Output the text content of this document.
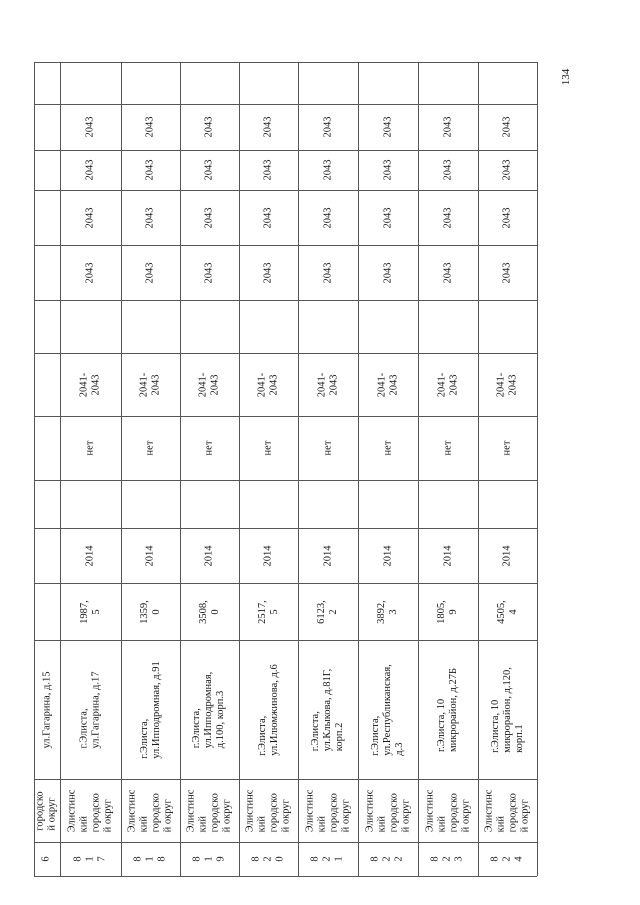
134
6
городско
й округ
ул.Гагарина, д.15
8
1
7
Элистинс
кий
городско
й округ
г.Элиста,
ул.Гагарина, д.17
1987,
5
2014
нет
2041-
2043
2043
2043
2043
2043
8
1
8
Элистинс
кий
городско
й округ
г.Элиста,
ул.Ипподромная, д.91
1359,
0
2014
нет
2041-
2043
2043
2043
2043
2043
8
1
9
Элистинс
кий
городско
й округ
г.Элиста,
ул.Ипподромная,
д.100, корп.3
3508,
0
2014
нет
2041-
2043
2043
2043
2043
2043
8
2
0
Элистинс
кий
городско
й округ
г.Элиста,
ул.Илюмжинова, д.6
2517,
5
2014
нет
2041-
2043
2043
2043
2043
2043
8
2
1
Элистинс
кий
городско
й округ
г.Элиста,
ул.Клыкова, д.81Г,
корп.2
6123,
2
2014
нет
2041-
2043
2043
2043
2043
2043
8
2
2
Элистинс
кий
городско
й округ
г.Элиста,
ул.Республиканская,
д.3
3892,
3
2014
нет
2041-
2043
2043
2043
2043
2043
8
2
3
Элистинс
кий
городско
й округ
г.Элиста, 10
микрорайон, д.27Б
1805,
9
2014
нет
2041-
2043
2043
2043
2043
2043
8
2
4
Элистинс
кий
городско
й округ
г.Элиста, 10
микрорайон, д.120,
корп.1
4505,
4
2014
нет
2041-
2043
2043
2043
2043
2043
